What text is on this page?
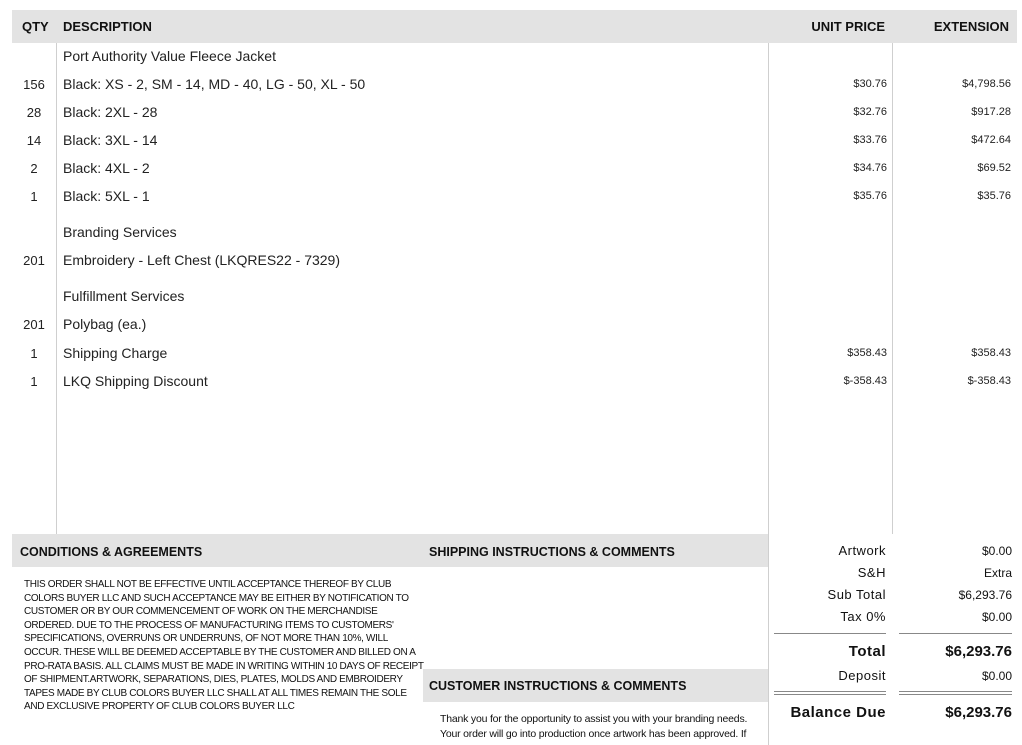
QTY DESCRIPTION	UNIT PRICE	EXTENSION
Port Authority Value Fleece Jacket
156	Black: XS - 2, SM - 14, MD - 40, LG - 50, XL - 50	$30.76	$4,798.56
28	Black: 2XL - 28	$32.76	$917.28
14	Black: 3XL - 14	$33.76	$472.64
2	Black: 4XL - 2	$34.76	$69.52
1	Black: 5XL - 1	$35.76	$35.76
Branding Services
201	Embroidery - Left Chest (LKQRES22 - 7329)
Fulfillment Services
201	Polybag (ea.)
1	Shipping Charge	$358.43	$358.43
1	LKQ Shipping Discount	$-358.43	$-358.43
CONDITIONS & AGREEMENTS
THIS ORDER SHALL NOT BE EFFECTIVE UNTIL ACCEPTANCE THEREOF BY CLUB COLORS BUYER LLC AND SUCH ACCEPTANCE MAY BE EITHER BY NOTIFICATION TO CUSTOMER OR BY OUR COMMENCEMENT OF WORK ON THE MERCHANDISE ORDERED. DUE TO THE PROCESS OF MANUFACTURING ITEMS TO CUSTOMERS' SPECIFICATIONS, OVERRUNS OR UNDERRUNS, OF NOT MORE THAN 10%, WILL OCCUR. THESE WILL BE DEEMED ACCEPTABLE BY THE CUSTOMER AND BILLED ON A PRO-RATA BASIS. ALL CLAIMS MUST BE MADE IN WRITING WITHIN 10 DAYS OF RECEIPT OF SHIPMENT.ARTWORK, SEPARATIONS, DIES, PLATES, MOLDS AND EMBROIDERY TAPES MADE BY CLUB COLORS BUYER LLC SHALL AT ALL TIMES REMAIN THE SOLE AND EXCLUSIVE PROPERTY OF CLUB COLORS BUYER LLC
SHIPPING INSTRUCTIONS & COMMENTS
CUSTOMER INSTRUCTIONS & COMMENTS
Thank you for the opportunity to assist you with your branding needs. Your order will go into production once artwork has been approved. If
Artwork	$0.00
S&H	Extra
Sub Total	$6,293.76
Tax 0%	$0.00
Total	$6,293.76
Deposit	$0.00
Balance Due	$6,293.76
